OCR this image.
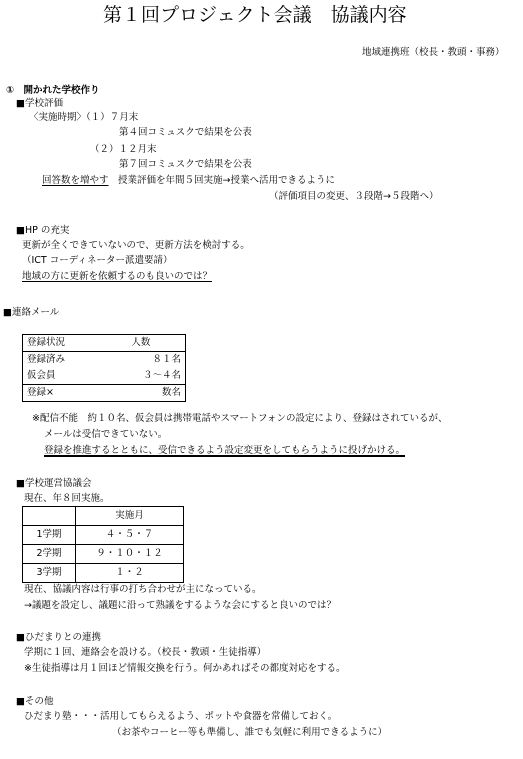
第１回プロジェクト会議　協議内容
地域連携班（校長・教頭・事務）
①　開かれた学校作り
■学校評価
〈実施時期〉（１）７月末
第４回コミュスクで結果を公表
（２）１２月末
第７回コミュスクで結果を公表
回答数を増やす　授業評価を年間５回実施→授業へ活用できるように
（評価項目の変更、３段階→５段階へ）
■HP の充実
更新が全くできていないので、更新方法を検討する。
（ICT コーディネーター派遣要請）
地域の方に更新を依頼するのも良いのでは？
■連絡メール
登録状況	人数
登録済み	８１名
仮会員	３～４名
登録×	数名
※配信不能　約１０名、仮会員は携帯電話やスマートフォンの設定により、登録はされているが、
メールは受信できていない。
登録を推進するとともに、受信できるよう設定変更をしてもらうように投げかける。
■学校運営協議会
現在、年８回実施。
	実施月
1学期	４・５・７
2学期	９・１０・１２
3学期	１・２
現在、協議内容は行事の打ち合わせが主になっている。
→議題を設定し、議題に沿って熟議をするような会にすると良いのでは？
■ひだまりとの連携
学期に１回、連絡会を設ける。（校長・教頭・生徒指導）
※生徒指導は月１回ほど情報交換を行う。何かあればその都度対応をする。
■その他
ひだまり塾・・・活用してもらえるよう、ポットや食器を常備しておく。
（お茶やコーヒー等も準備し、誰でも気軽に利用できるように）
